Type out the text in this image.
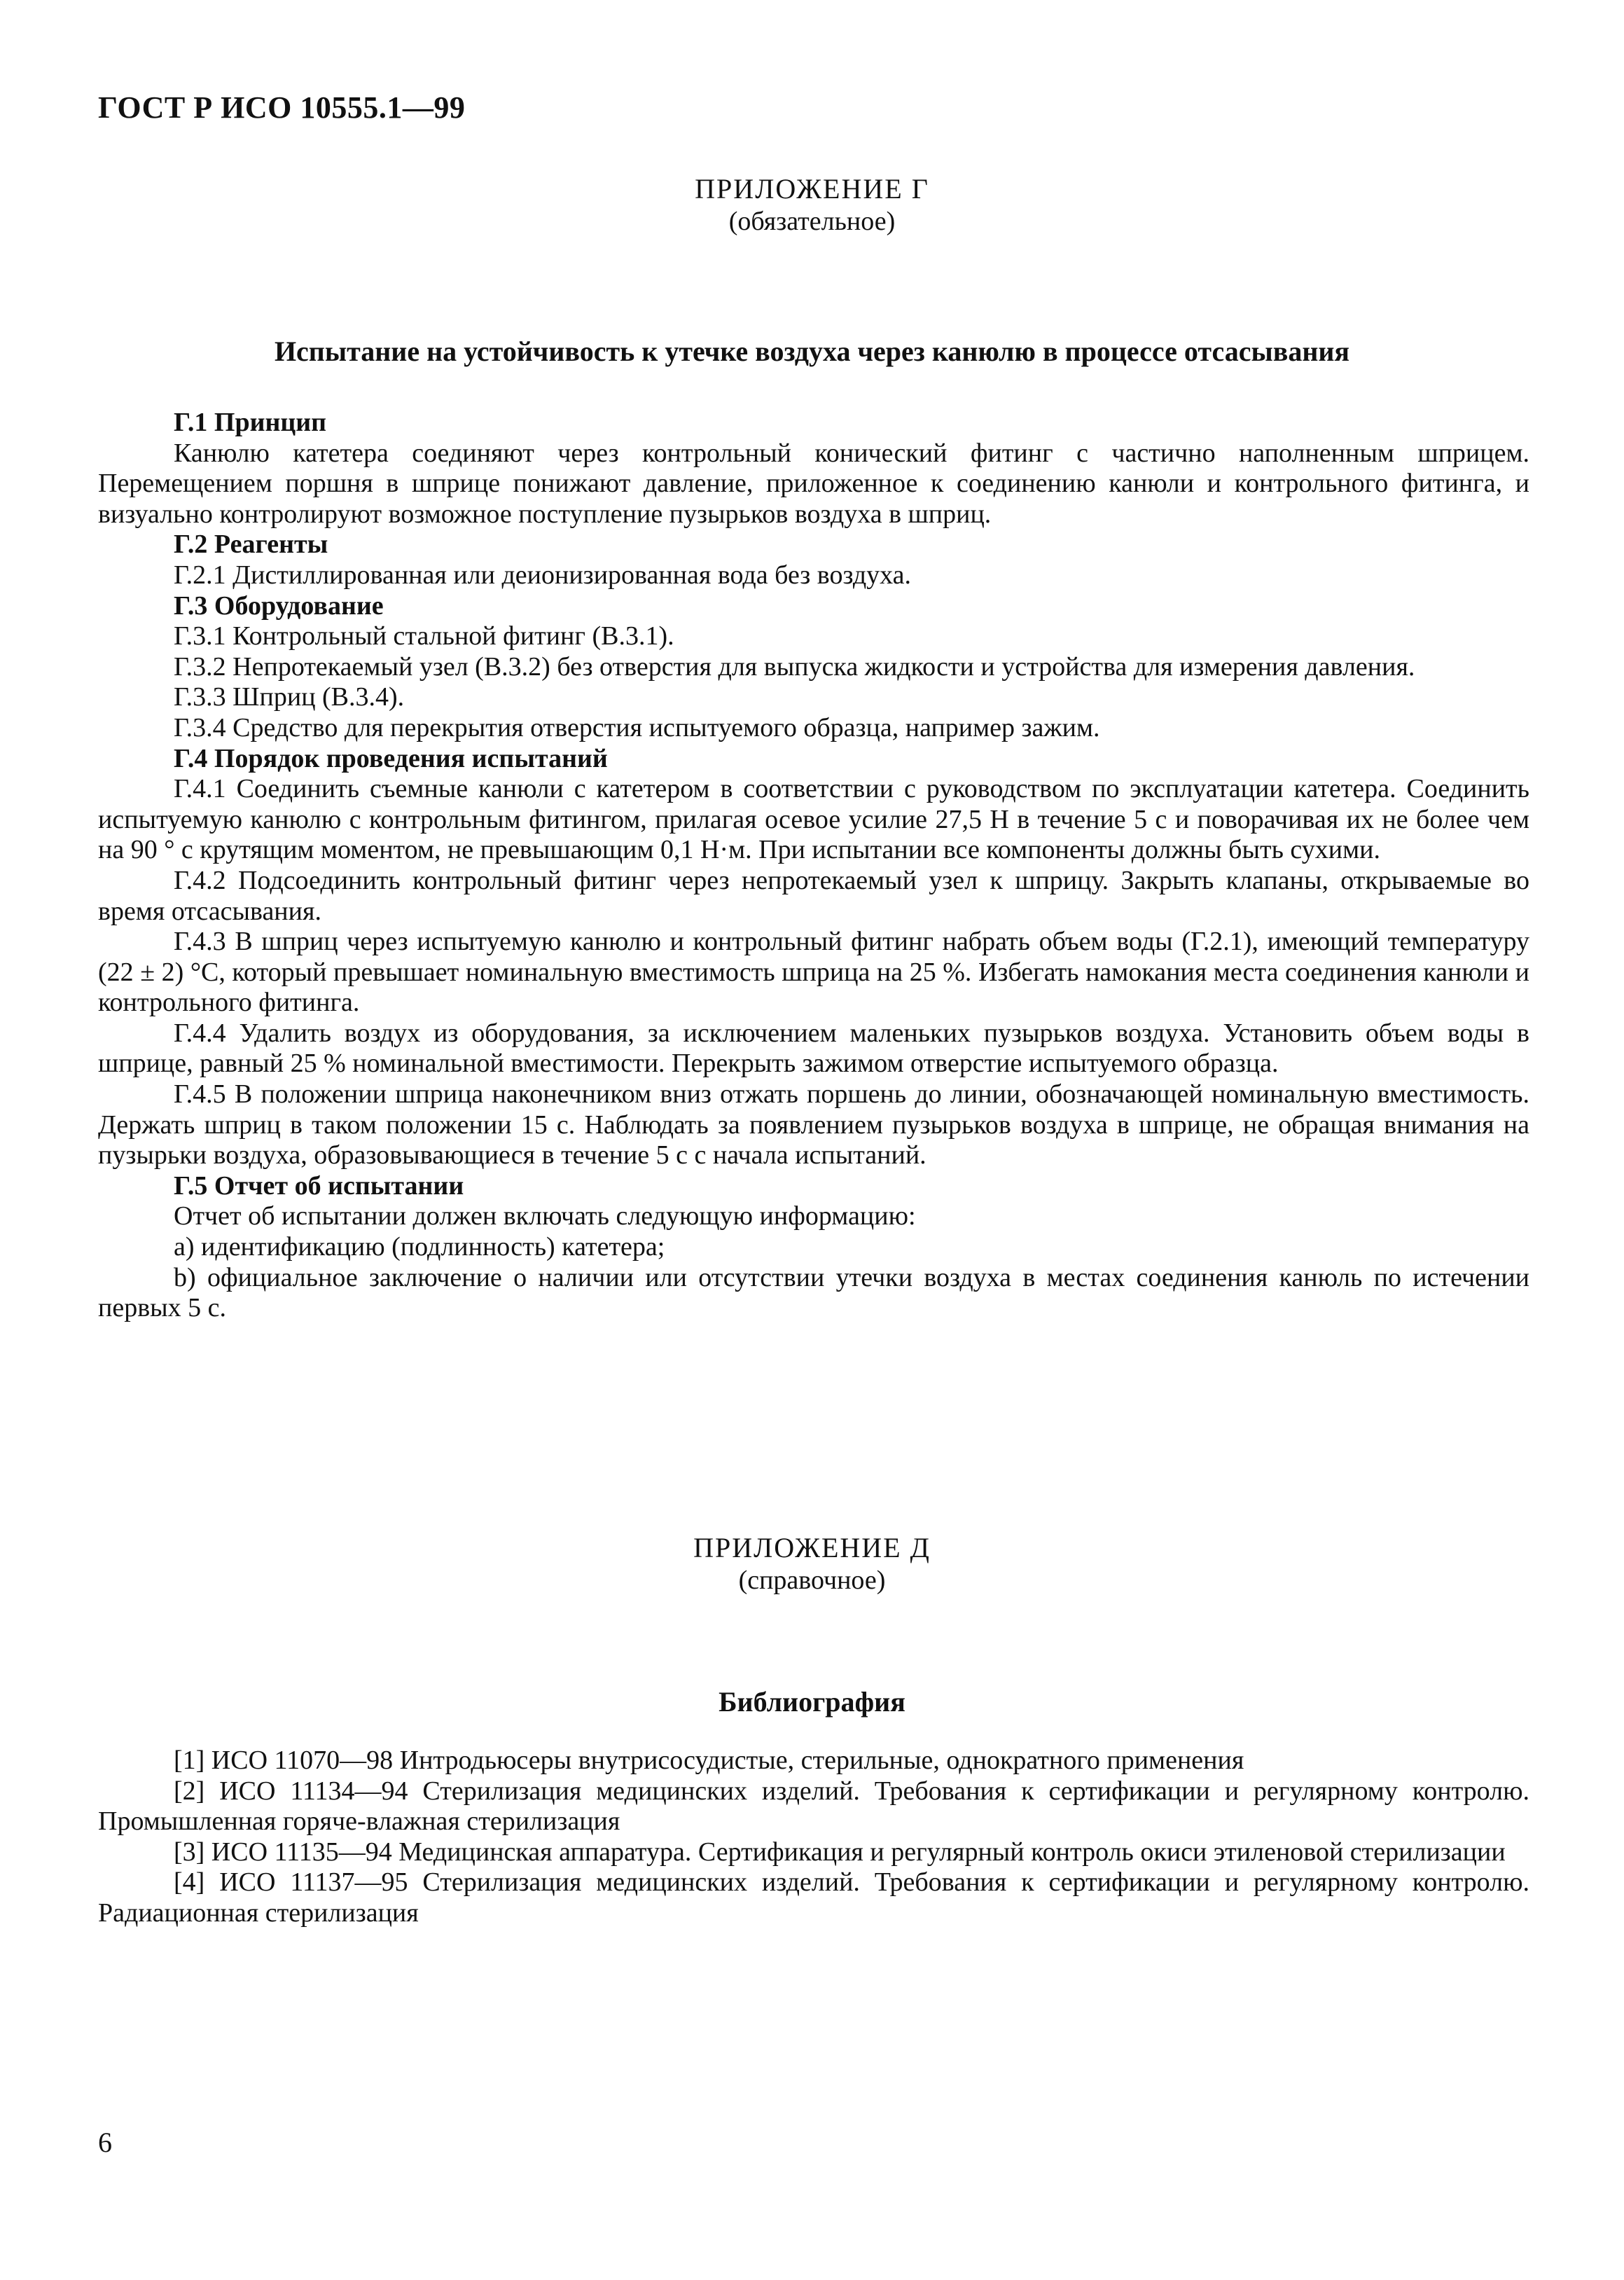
ГОСТ Р ИСО 10555.1—99
ПРИЛОЖЕНИЕ Г
(обязательное)
Испытание на устойчивость к утечке воздуха через канюлю в процессе отсасывания

Г.1 Принцип

Канюлю катетера соединяют через контрольный конический фитинг с частично наполненным шприцем. Перемещением поршня в шприце понижают давление, приложенное к соединению канюли и контрольного фитинга, и визуально контролируют возможное поступление пузырьков воздуха в шприц.

Г.2 Реагенты

Г.2.1 Дистиллированная или деионизированная вода без воздуха.

Г.3 Оборудование

Г.3.1 Контрольный стальной фитинг (В.3.1).

Г.3.2 Непротекаемый узел (В.3.2) без отверстия для выпуска жидкости и устройства для измерения давления.

Г.3.3 Шприц (В.3.4).

Г.3.4 Средство для перекрытия отверстия испытуемого образца, например зажим.

Г.4 Порядок проведения испытаний

Г.4.1 Соединить съемные канюли с катетером в соответствии с руководством по эксплуатации катетера. Соединить испытуемую канюлю с контрольным фитингом, прилагая осевое усилие 27,5 Н в течение 5 с и поворачивая их не более чем на 90 ° с крутящим моментом, не превышающим 0,1 Н·м. При испытании все компоненты должны быть сухими.

Г.4.2 Подсоединить контрольный фитинг через непротекаемый узел к шприцу. Закрыть клапаны, открываемые во время отсасывания.

Г.4.3 В шприц через испытуемую канюлю и контрольный фитинг набрать объем воды (Г.2.1), имеющий температуру (22 ± 2) °С, который превышает номинальную вместимость шприца на 25 %. Избегать намокания места соединения канюли и контрольного фитинга.

Г.4.4 Удалить воздух из оборудования, за исключением маленьких пузырьков воздуха. Установить объем воды в шприце, равный 25 % номинальной вместимости. Перекрыть зажимом отверстие испытуемого образца.

Г.4.5 В положении шприца наконечником вниз отжать поршень до линии, обозначающей номинальную вместимость. Держать шприц в таком положении 15 с. Наблюдать за появлением пузырьков воздуха в шприце, не обращая внимания на пузырьки воздуха, образовывающиеся в течение 5 с с начала испытаний.

Г.5 Отчет об испытании

Отчет об испытании должен включать следующую информацию:

а) идентификацию (подлинность) катетера;

b) официальное заключение о наличии или отсутствии утечки воздуха в местах соединения канюль по истечении первых 5 с.

ПРИЛОЖЕНИЕ Д
(справочное)
Библиография

[1] ИСО 11070—98 Интродьюсеры внутрисосудистые, стерильные, однократного применения

[2] ИСО 11134—94 Стерилизация медицинских изделий. Требования к сертификации и регулярному контролю. Промышленная горяче-влажная стерилизация

[3] ИСО 11135—94 Медицинская аппаратура. Сертификация и регулярный контроль окиси этиленовой стерилизации

[4] ИСО 11137—95 Стерилизация медицинских изделий. Требования к сертификации и регулярному контролю. Радиационная стерилизация

6
